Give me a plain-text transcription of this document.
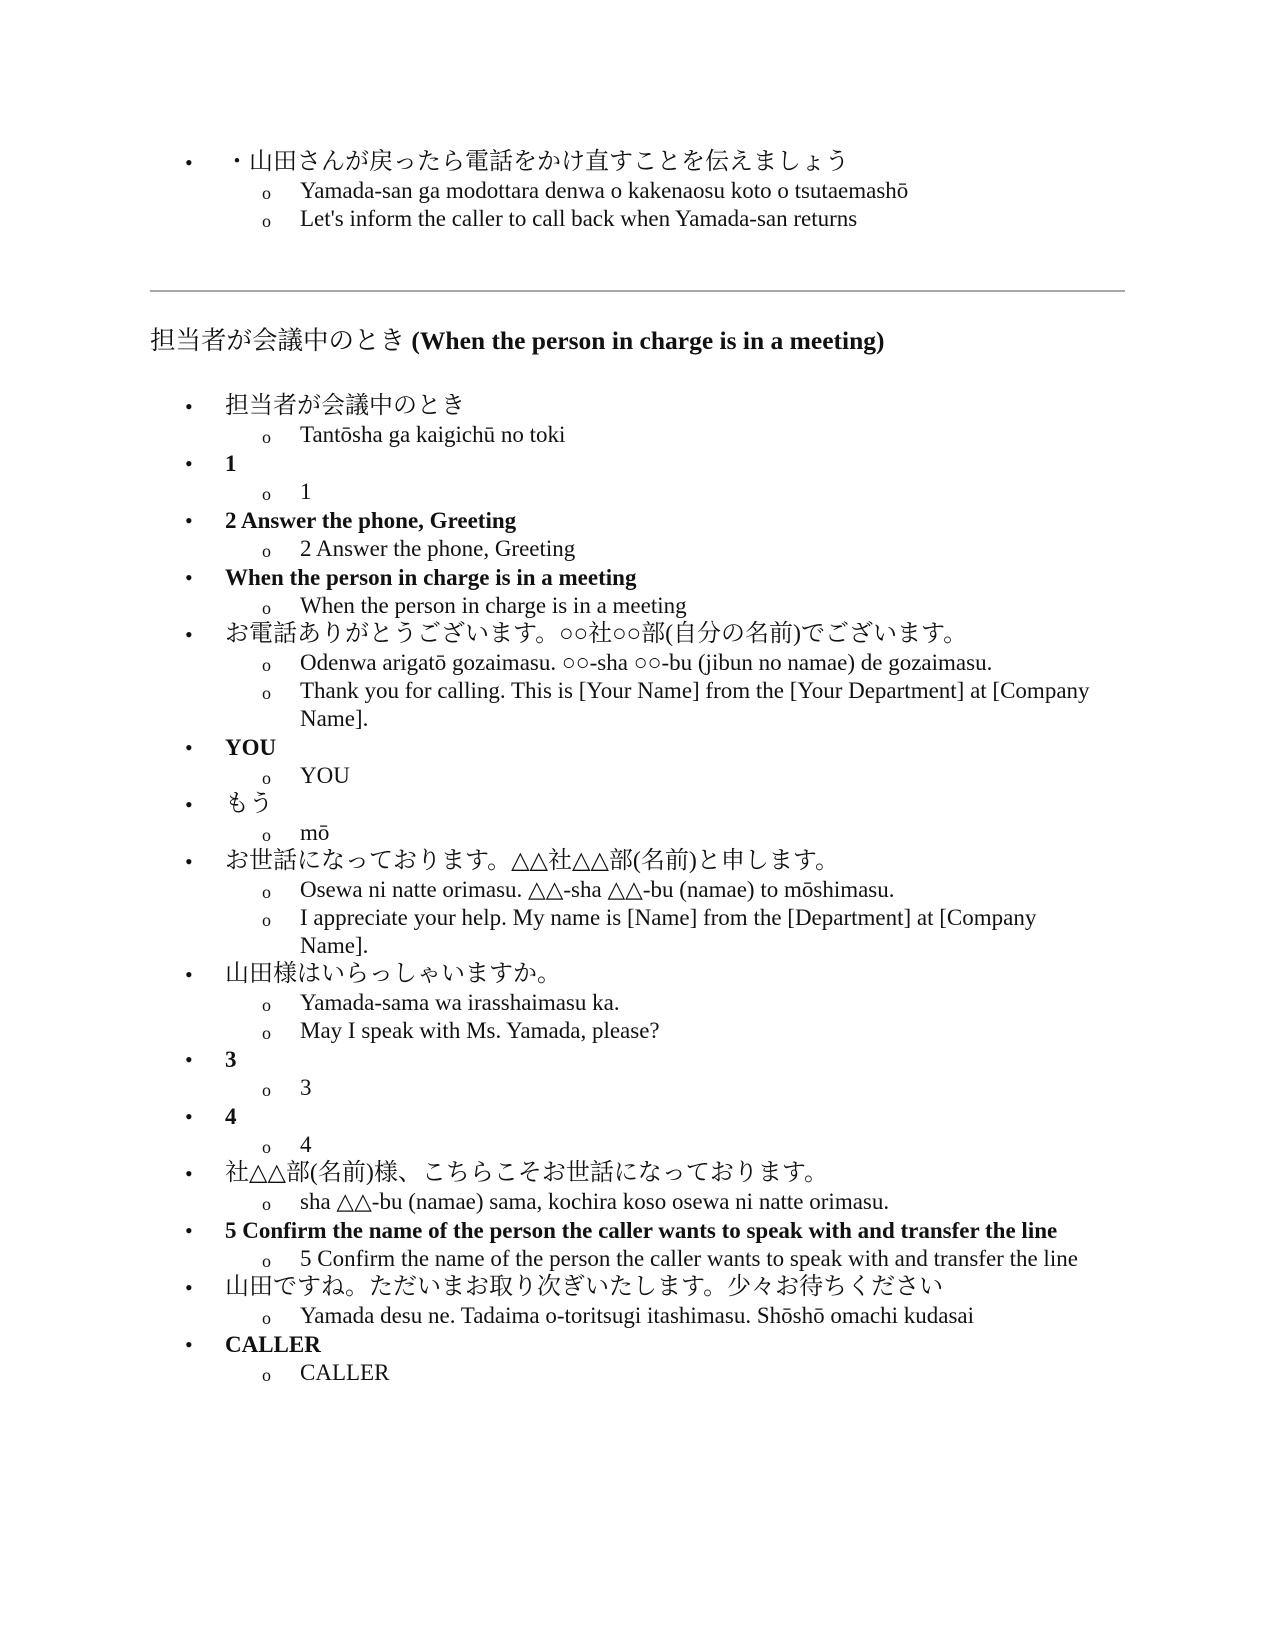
• ・山田さんが戻ったら電話をかけ直すことを伝えましょう
o Yamada-san ga modottara denwa o kakenaosu koto o tsutaemashō
o Let's inform the caller to call back when Yamada-san returns
担当者が会議中のとき (When the person in charge is in a meeting)
• 担当者が会議中のとき
o Tantōsha ga kaigichū no toki
• 1
o 1
• 2 Answer the phone, Greeting
o 2 Answer the phone, Greeting
• When the person in charge is in a meeting
o When the person in charge is in a meeting
• お電話ありがとうございます。○○社○○部(自分の名前)でございます。
o Odenwa arigatō gozaimasu. ○○-sha ○○-bu (jibun no namae) de gozaimasu.
o Thank you for calling. This is [Your Name] from the [Your Department] at [Company Name].
• YOU
o YOU
• もう
o mō
• お世話になっております。△△社△△部(名前)と申します。
o Osewa ni natte orimasu. △△-sha △△-bu (namae) to mōshimasu.
o I appreciate your help. My name is [Name] from the [Department] at [Company Name].
• 山田様はいらっしゃいますか。
o Yamada-sama wa irasshaimasu ka.
o May I speak with Ms. Yamada, please?
• 3
o 3
• 4
o 4
• 社△△部(名前)様、こちらこそお世話になっております。
o sha △△-bu (namae) sama, kochira koso osewa ni natte orimasu.
• 5 Confirm the name of the person the caller wants to speak with and transfer the line
o 5 Confirm the name of the person the caller wants to speak with and transfer the line
• 山田ですね。ただいまお取り次ぎいたします。少々お待ちください
o Yamada desu ne. Tadaima o-toritsugi itashimasu. Shōshō omachi kudasai
• CALLER
o CALLER
